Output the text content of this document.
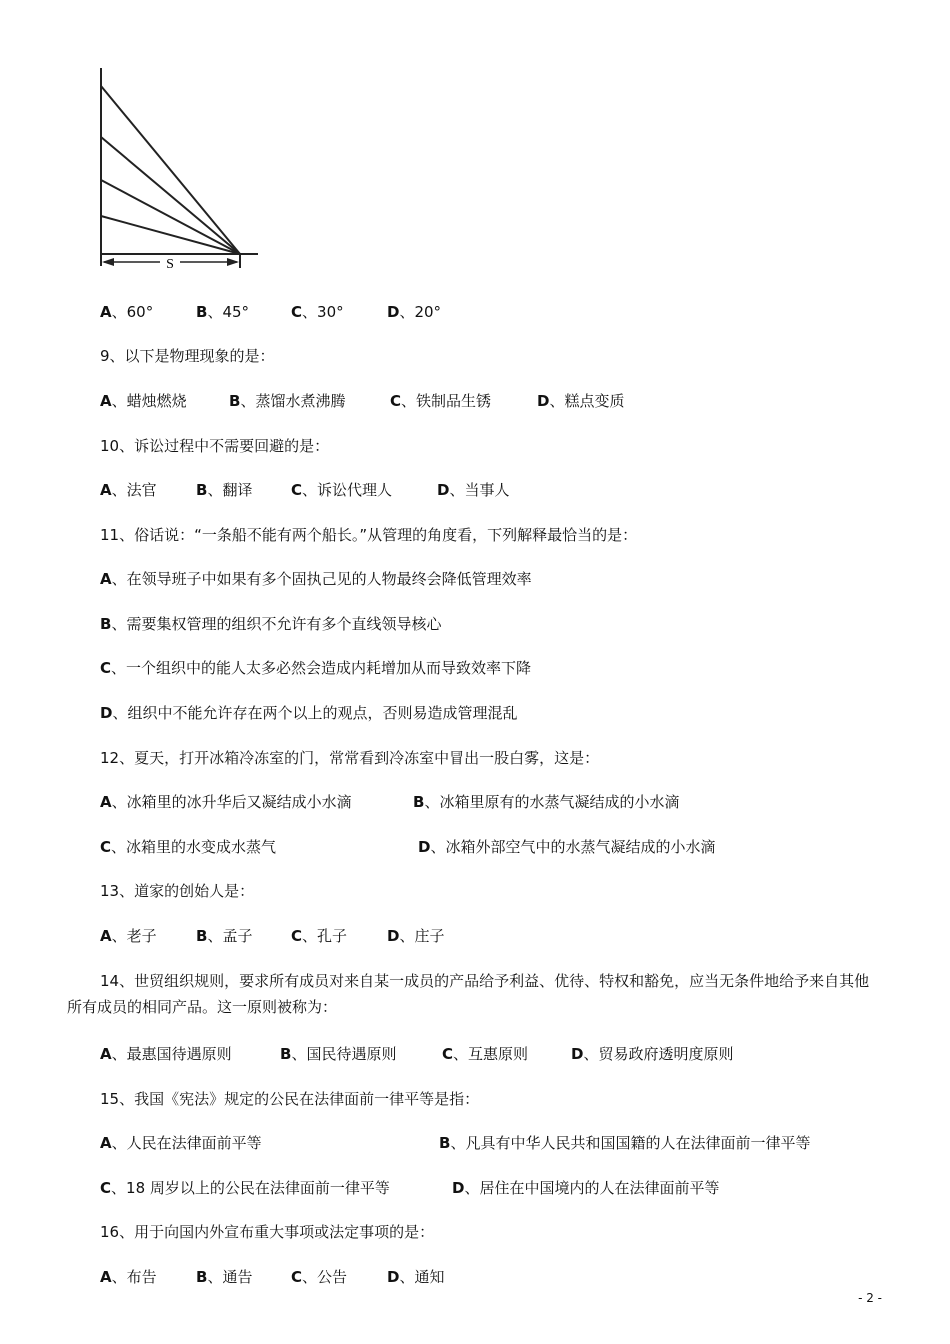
S
A、60°	B、45°	C、30°	D、20°
9、以下是物理现象的是：
A、蜡烛燃烧	B、蒸馏水煮沸腾	C、铁制品生锈	D、糕点变质
10、诉讼过程中不需要回避的是：
A、法官	B、翻译	C、诉讼代理人	D、当事人
11、俗话说：“一条船不能有两个船长。”从管理的角度看，下列解释最恰当的是：
A、在领导班子中如果有多个固执己见的人物最终会降低管理效率
B、需要集权管理的组织不允许有多个直线领导核心
C、一个组织中的能人太多必然会造成内耗增加从而导致效率下降
D、组织中不能允许存在两个以上的观点，否则易造成管理混乱
12、夏天，打开冰箱冷冻室的门，常常看到冷冻室中冒出一股白雾，这是：
A、冰箱里的冰升华后又凝结成小水滴	B、冰箱里原有的水蒸气凝结成的小水滴
C、冰箱里的水变成水蒸气	D、冰箱外部空气中的水蒸气凝结成的小水滴
13、道家的创始人是：
A、老子	B、孟子	C、孔子	D、庄子
14、世贸组织规则，要求所有成员对来自某一成员的产品给予利益、优待、特权和豁免，应当无条件地给予来自其他所有成员的相同产品。这一原则被称为：
A、最惠国待遇原则	B、国民待遇原则	C、互惠原则	D、贸易政府透明度原则
15、我国《宪法》规定的公民在法律面前一律平等是指：
A、人民在法律面前平等	B、凡具有中华人民共和国国籍的人在法律面前一律平等
C、18 周岁以上的公民在法律面前一律平等	D、居住在中国境内的人在法律面前平等
16、用于向国内外宣布重大事项或法定事项的是：
A、布告	B、通告	C、公告	D、通知
- 2 -
